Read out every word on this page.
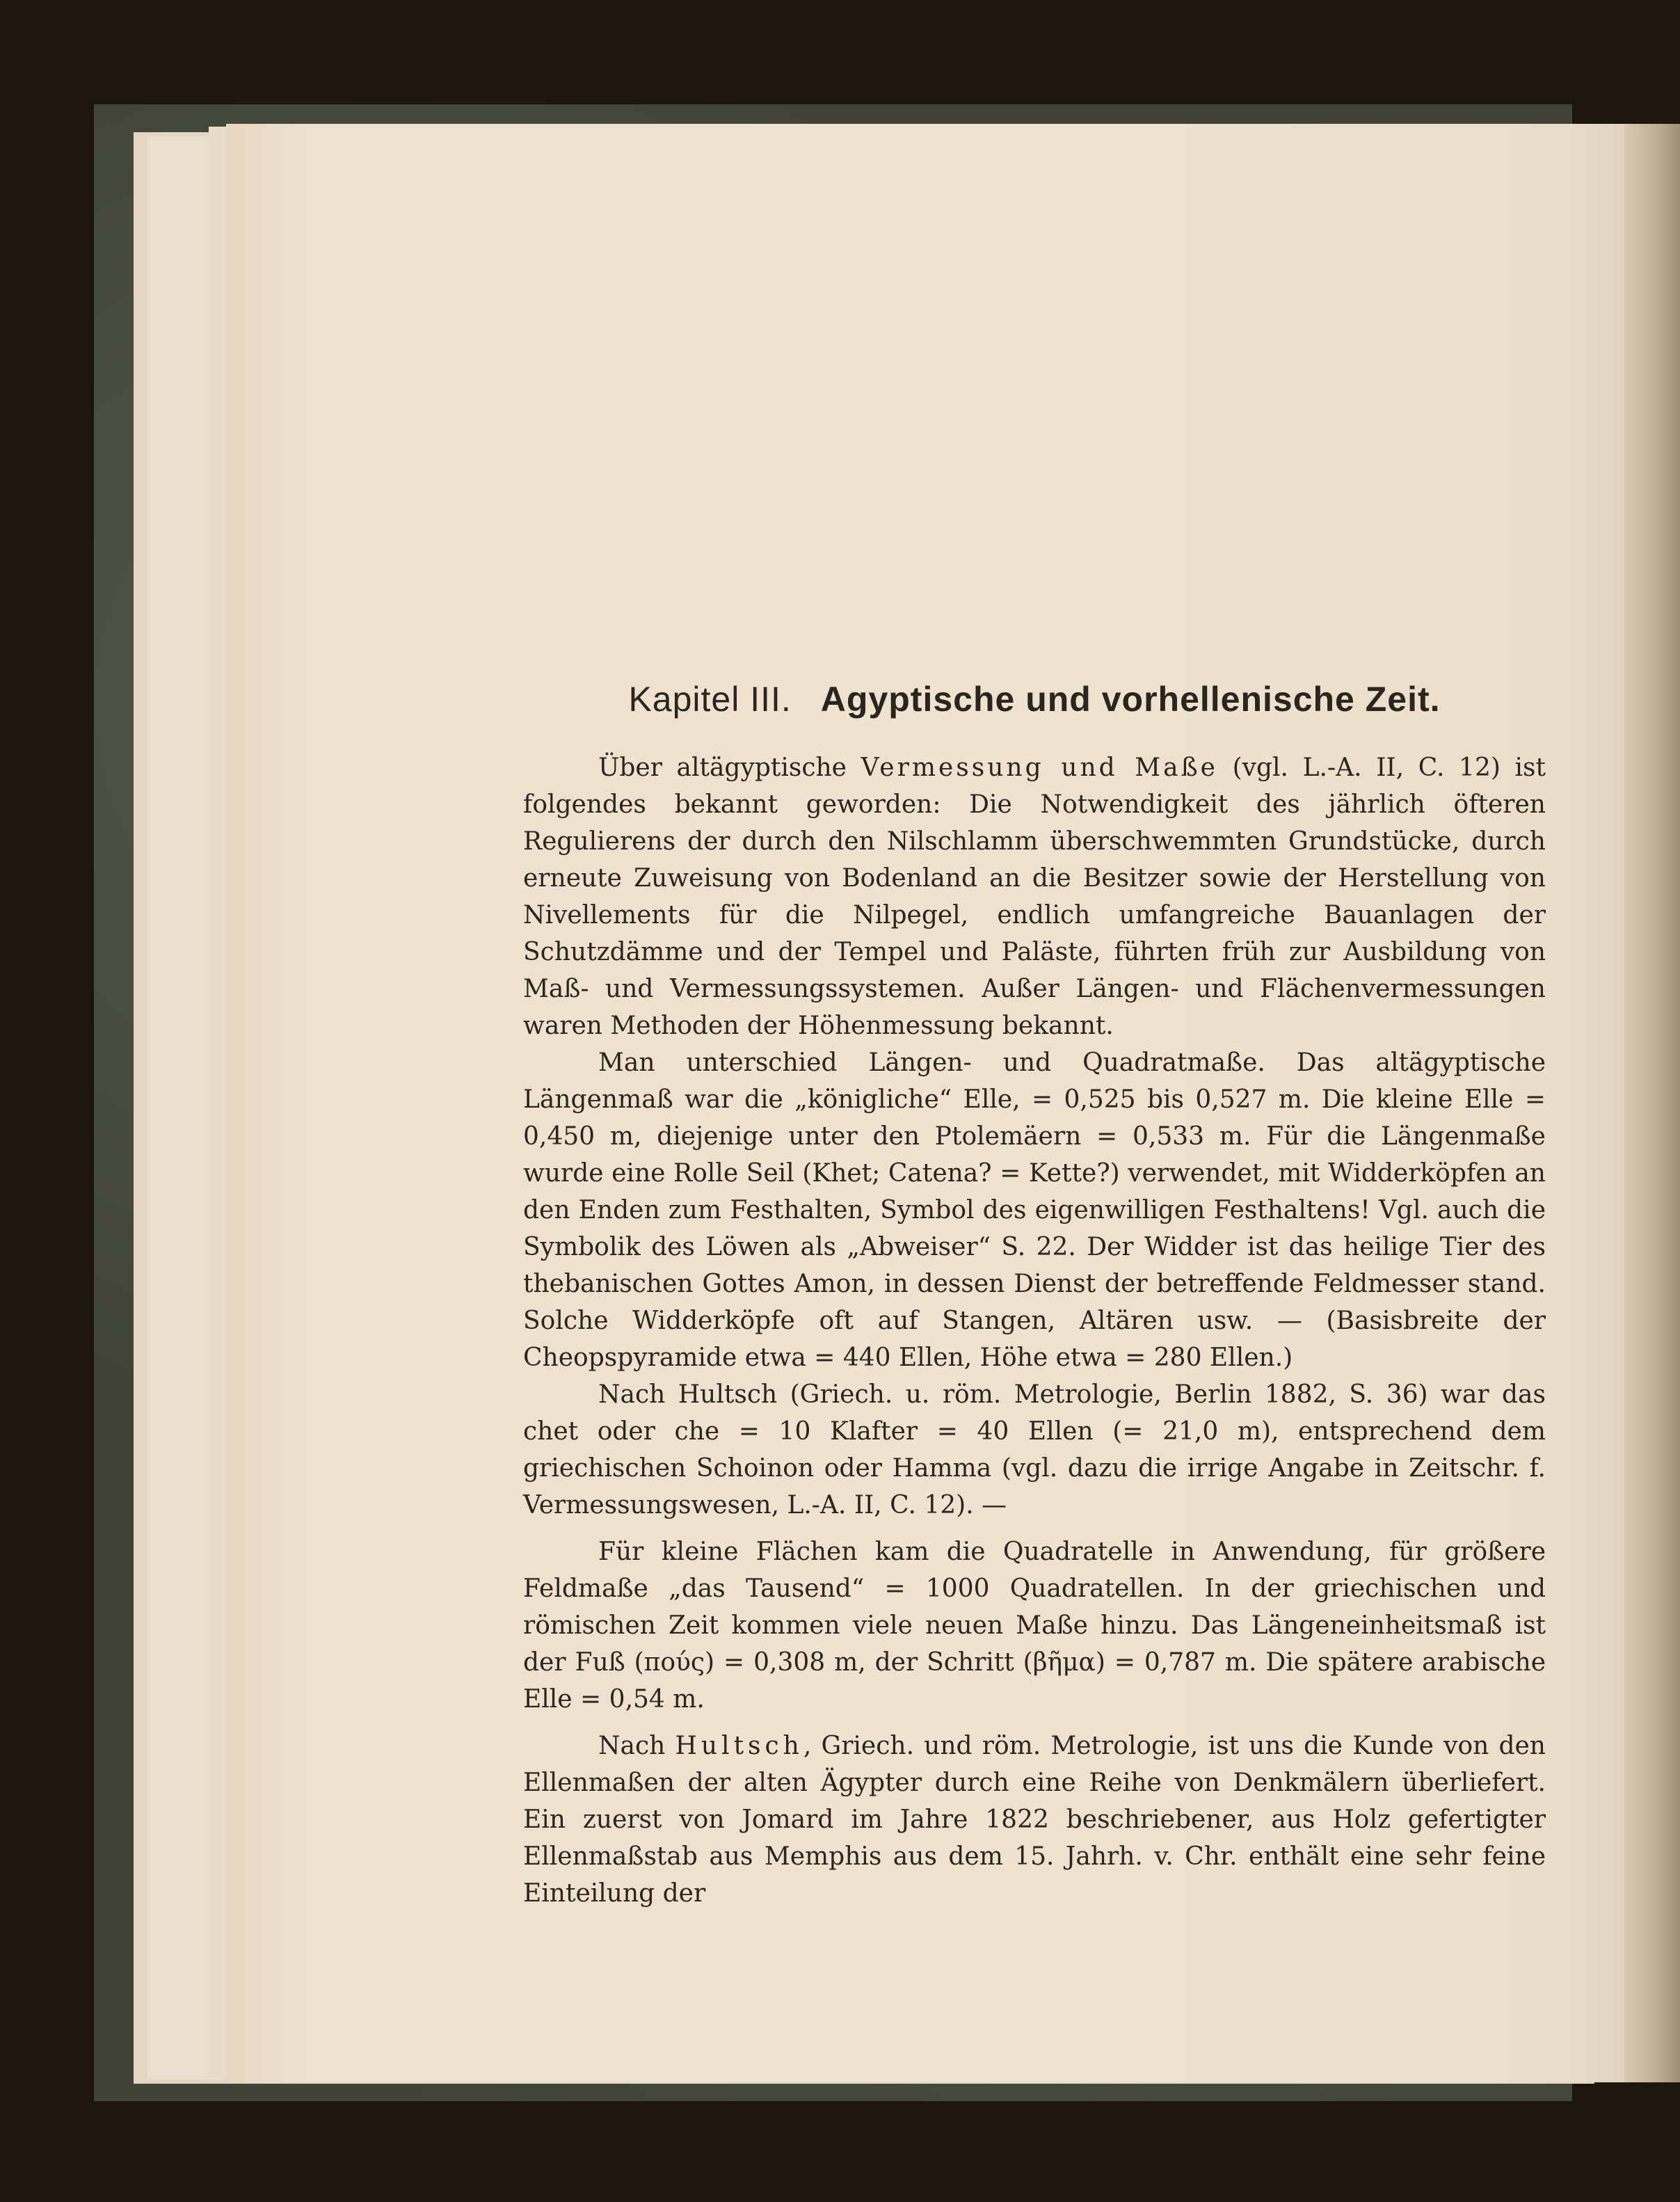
Kapitel III. Agyptische und vorhellenische Zeit.

Über altägyptische Vermessung und Maße (vgl. L.-A. II, C. 12) ist folgendes bekannt geworden: Die Notwendigkeit des jährlich öfteren Regulierens der durch den Nilschlamm überschwemmten Grundstücke, durch erneute Zuweisung von Bodenland an die Besitzer sowie der Herstellung von Nivellements für die Nilpegel, endlich umfangreiche Bauanlagen der Schutzdämme und der Tempel und Paläste, führten früh zur Ausbildung von Maß- und Vermessungssystemen. Außer Längen- und Flächenvermessungen waren Methoden der Höhenmessung bekannt.

Man unterschied Längen- und Quadratmaße. Das altägyptische Längenmaß war die „königliche“ Elle, = 0,525 bis 0,527 m. Die kleine Elle = 0,450 m, diejenige unter den Ptolemäern = 0,533 m. Für die Längenmaße wurde eine Rolle Seil (Khet; Catena? = Kette?) verwendet, mit Widderköpfen an den Enden zum Festhalten, Symbol des eigenwilligen Festhaltens! Vgl. auch die Symbolik des Löwen als „Abweiser“ S. 22. Der Widder ist das heilige Tier des thebanischen Gottes Amon, in dessen Dienst der betreffende Feldmesser stand. Solche Widderköpfe oft auf Stangen, Altären usw. — (Basisbreite der Cheopspyramide etwa = 440 Ellen, Höhe etwa = 280 Ellen.)

Nach Hultsch (Griech. u. röm. Metrologie, Berlin 1882, S. 36) war das chet oder che = 10 Klafter = 40 Ellen (= 21,0 m), entsprechend dem griechischen Schoinon oder Hamma (vgl. dazu die irrige Angabe in Zeitschr. f. Vermessungswesen, L.-A. II, C. 12). —

Für kleine Flächen kam die Quadratelle in Anwendung, für größere Feldmaße „das Tausend“ = 1000 Quadratellen. In der griechischen und römischen Zeit kommen viele neuen Maße hinzu. Das Längeneinheitsmaß ist der Fuß (πούς) = 0,308 m, der Schritt (βῆμα) = 0,787 m. Die spätere arabische Elle = 0,54 m.

Nach Hultsch, Griech. und röm. Metrologie, ist uns die Kunde von den Ellenmaßen der alten Ägypter durch eine Reihe von Denkmälern überliefert. Ein zuerst von Jomard im Jahre 1822 beschriebener, aus Holz gefertigter Ellenmaßstab aus Memphis aus dem 15. Jahrh. v. Chr. enthält eine sehr feine Einteilung der
